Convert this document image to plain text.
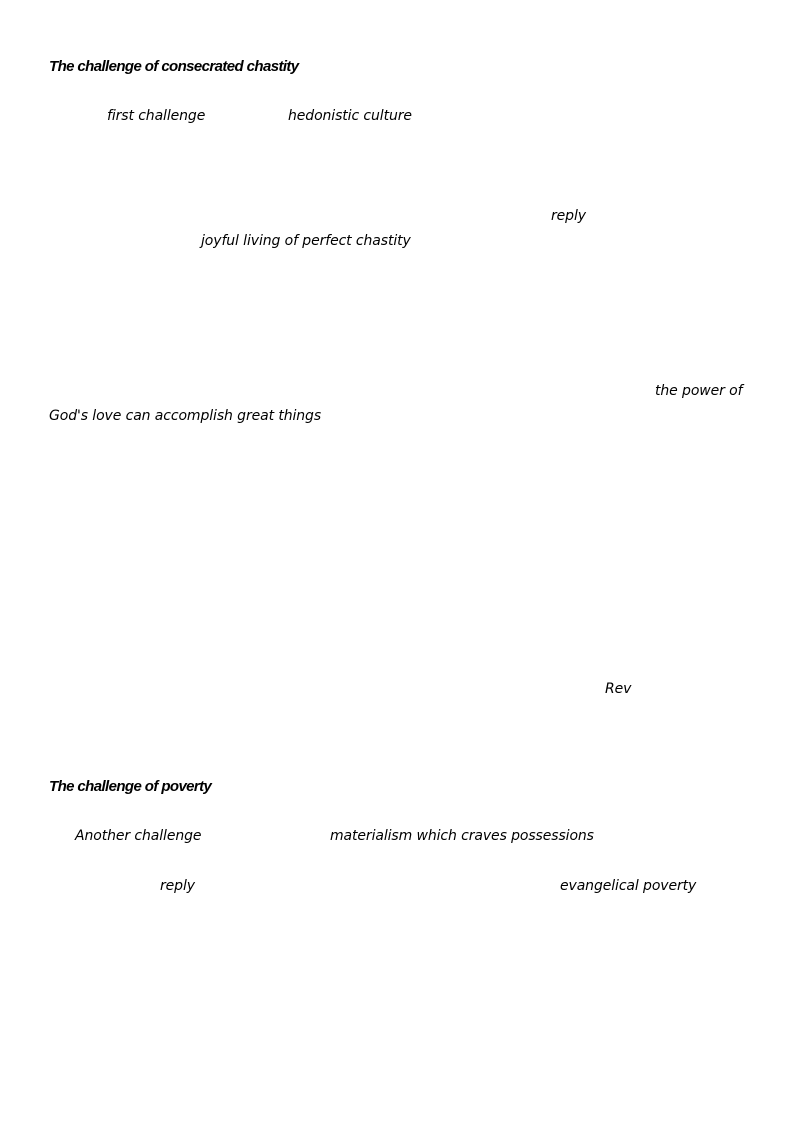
The challenge of consecrated chastity
first challenge	hedonistic culture
reply
joyful living of perfect chastity
the power of
God's love can accomplish great things
Rev
The challenge of poverty
Another challenge	materialism which craves possessions
reply	evangelical poverty
